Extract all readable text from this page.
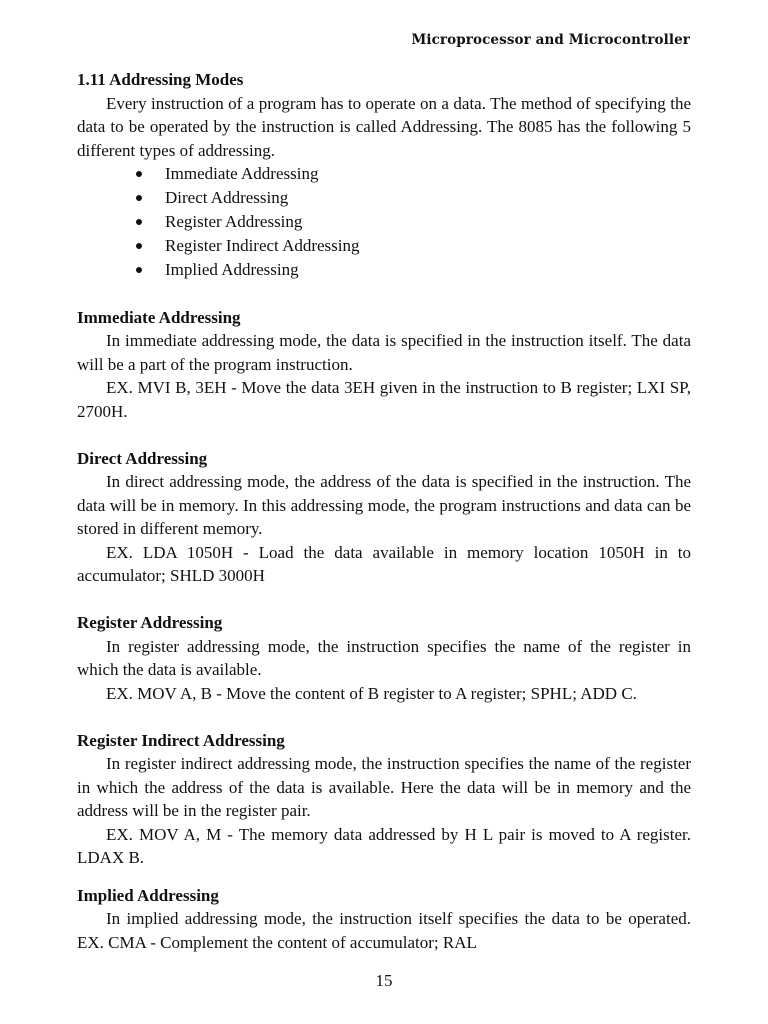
Microprocessor and Microcontroller
1.11 Addressing Modes

Every instruction of a program has to operate on a data. The method of specifying the data to be operated by the instruction is called Addressing. The 8085 has the following 5 different types of addressing.

Immediate Addressing
Direct Addressing
Register Addressing
Register Indirect Addressing
Implied Addressing
Immediate Addressing

In immediate addressing mode, the data is specified in the instruction itself. The data will be a part of the program instruction.

EX. MVI B, 3EH - Move the data 3EH given in the instruction to B register; LXI SP, 2700H.

Direct Addressing

In direct addressing mode, the address of the data is specified in the instruction. The data will be in memory. In this addressing mode, the program instructions and data can be stored in different memory.

EX. LDA 1050H - Load the data available in memory location 1050H in to accumulator; SHLD 3000H

Register Addressing

In register addressing mode, the instruction specifies the name of the register in which the data is available.

EX. MOV A, B - Move the content of B register to A register; SPHL; ADD C.

Register Indirect Addressing

In register indirect addressing mode, the instruction specifies the name of the register in which the address of the data is available. Here the data will be in memory and the address will be in the register pair.

EX. MOV A, M - The memory data addressed by H L pair is moved to A register. LDAX B.

Implied Addressing

In implied addressing mode, the instruction itself specifies the data to be operated. EX. CMA - Complement the content of accumulator; RAL

15
